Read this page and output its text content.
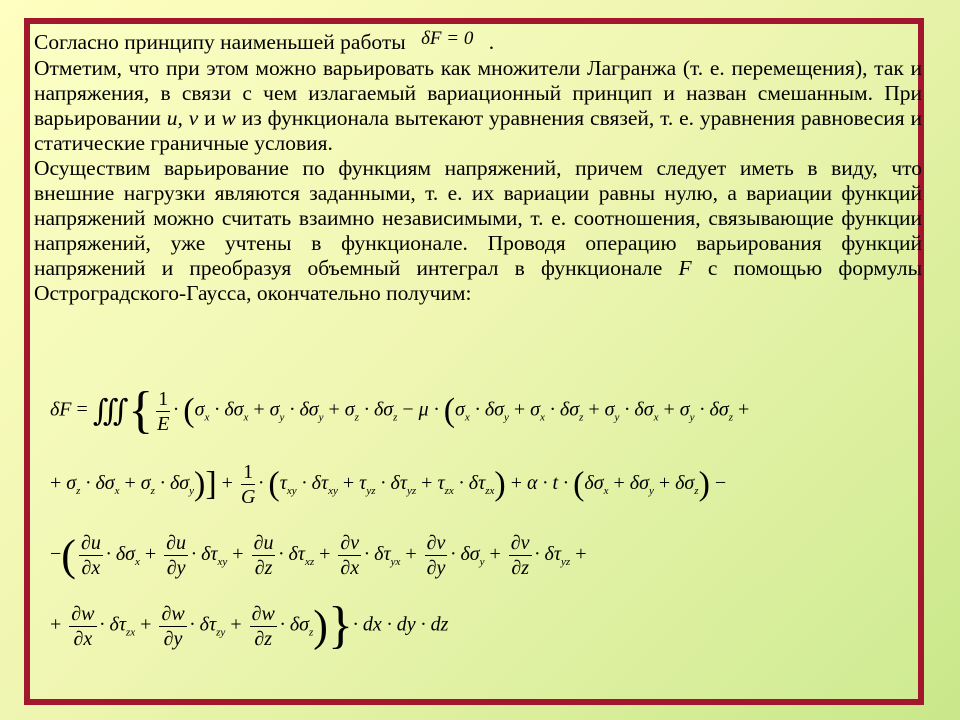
Согласно принципу наименьшей работы δF = 0 .

Отметим, что при этом можно варьировать как множители Лагранжа (т. е. перемещения), так и напряжения, в связи с чем излагаемый вариационный принцип и назван смешанным. При варьировании u, v и w из функционала вытекают уравнения связей, т. е. уравнения равновесия и статические граничные условия.

Осуществим варьирование по функциям напряжений, причем следует иметь в виду, что внешние нагрузки являются заданными, т. е. их вариации равны нулю, а вариации функций напряжений можно считать взаимно независимыми, т. е. соотношения, связывающие функции напряжений, уже учтены в функционале. Проводя операцию варьирования функций напряжений и преобразуя объемный интеграл в функционале F с помощью формулы Остроградского-Гаусса, окончательно получим:

δF = ∭{ $\frac{1}{E} \cdot (\sigma_x \cdot \delta\sigma_x + \sigma_y \cdot \delta\sigma_y + \sigma_z \cdot \delta\sigma_z - \mu \cdot (\sigma_x \cdot \delta\sigma_y + \sigma_x \cdot \delta\sigma_z + \sigma_y \cdot \delta\sigma_x + \sigma_y \cdot \delta\sigma_z$ +
+ $\sigma_z \cdot \delta\sigma_x + \sigma_z \cdot \delta\sigma_y)] + \frac{1}{G} \cdot (\tau_{xy} \cdot \delta\tau_{xy} + \tau_{yz} \cdot \delta\tau_{yz} + \tau_{zx} \cdot \delta\tau_{zx}) + \alpha \cdot t \cdot (\delta\sigma_x + \delta\sigma_y + \delta\sigma_z)$ −
−( $\frac{\partial u}{\partial x} \cdot \delta\sigma_x + \frac{\partial u}{\partial y} \cdot \delta\tau_{xy} + \frac{\partial u}{\partial z} \cdot \delta\tau_{xz} + \frac{\partial v}{\partial x} \cdot \delta\tau_{yx} + \frac{\partial v}{\partial y} \cdot \delta\sigma_y + \frac{\partial v}{\partial z} \cdot \delta\tau_{yz}$ +
+ $\frac{\partial w}{\partial x} \cdot \delta\tau_{zx} + \frac{\partial w}{\partial y} \cdot \delta\tau_{zy} + \frac{\partial w}{\partial z} \cdot \delta\sigma_z)\}\cdot$ dx · dy · dz
